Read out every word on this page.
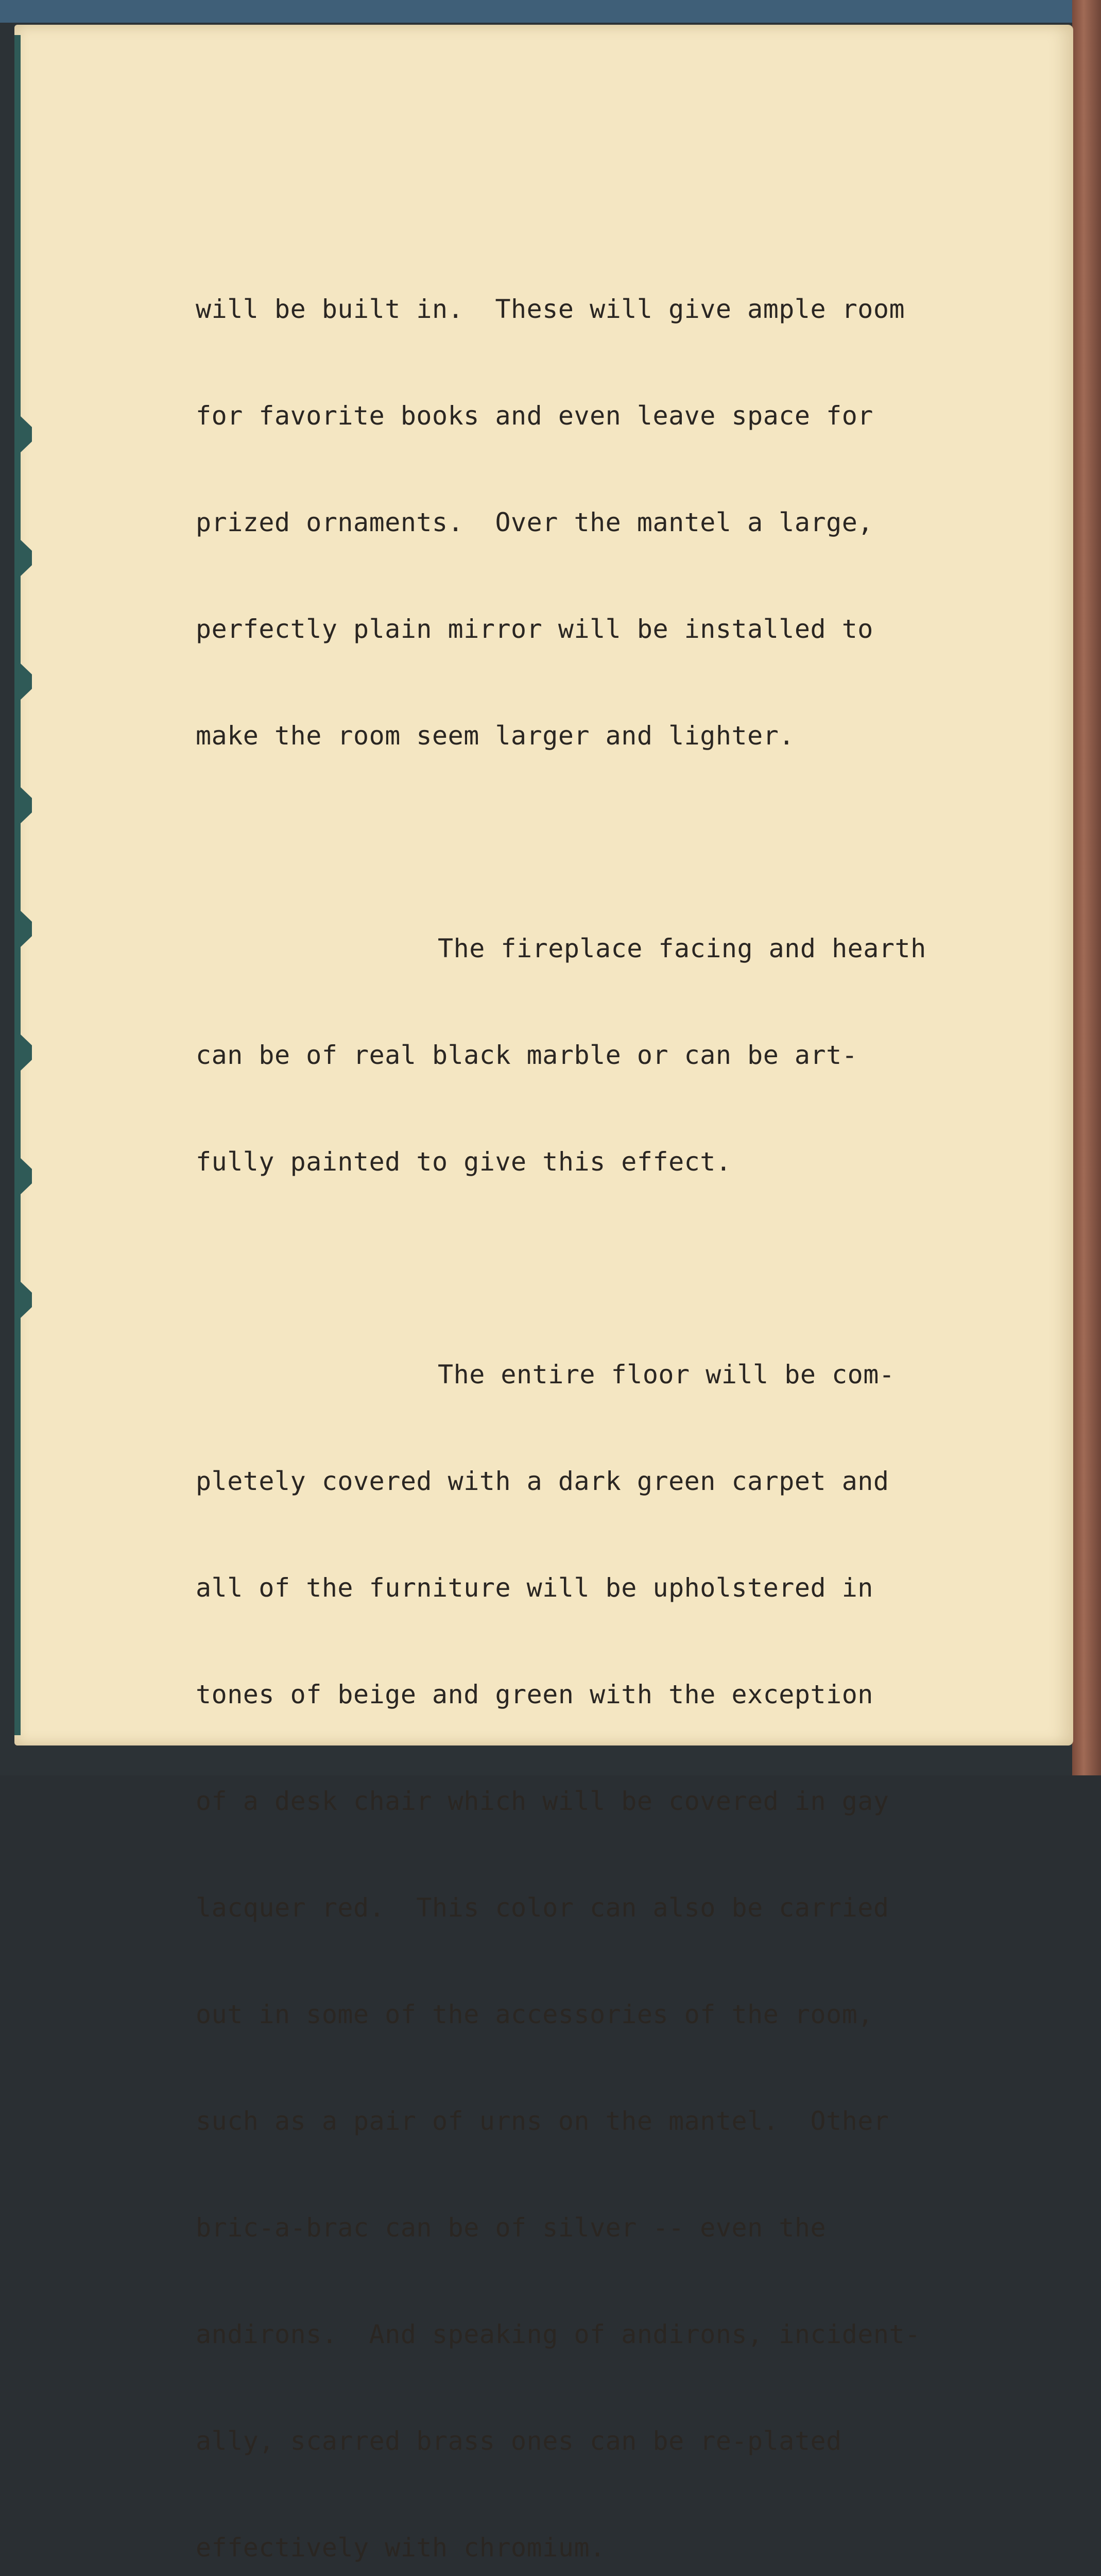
will be built in.  These will give ample room

for favorite books and even leave space for

prized ornaments.  Over the mantel a large,

perfectly plain mirror will be installed to

make the room seem larger and lighter.

The fireplace facing and hearth

can be of real black marble or can be art-

fully painted to give this effect.

The entire floor will be com-

pletely covered with a dark green carpet and

all of the furniture will be upholstered in

tones of beige and green with the exception

of a desk chair which will be covered in gay

lacquer red.  This color can also be carried

out in some of the accessories of the room,

such as a pair of urns on the mantel.  Other

bric-a-brac can be of silver -- even the

andirons.  And speaking of andirons, incident-

ally, scarred brass ones can be re-plated

effectively with chromium.
